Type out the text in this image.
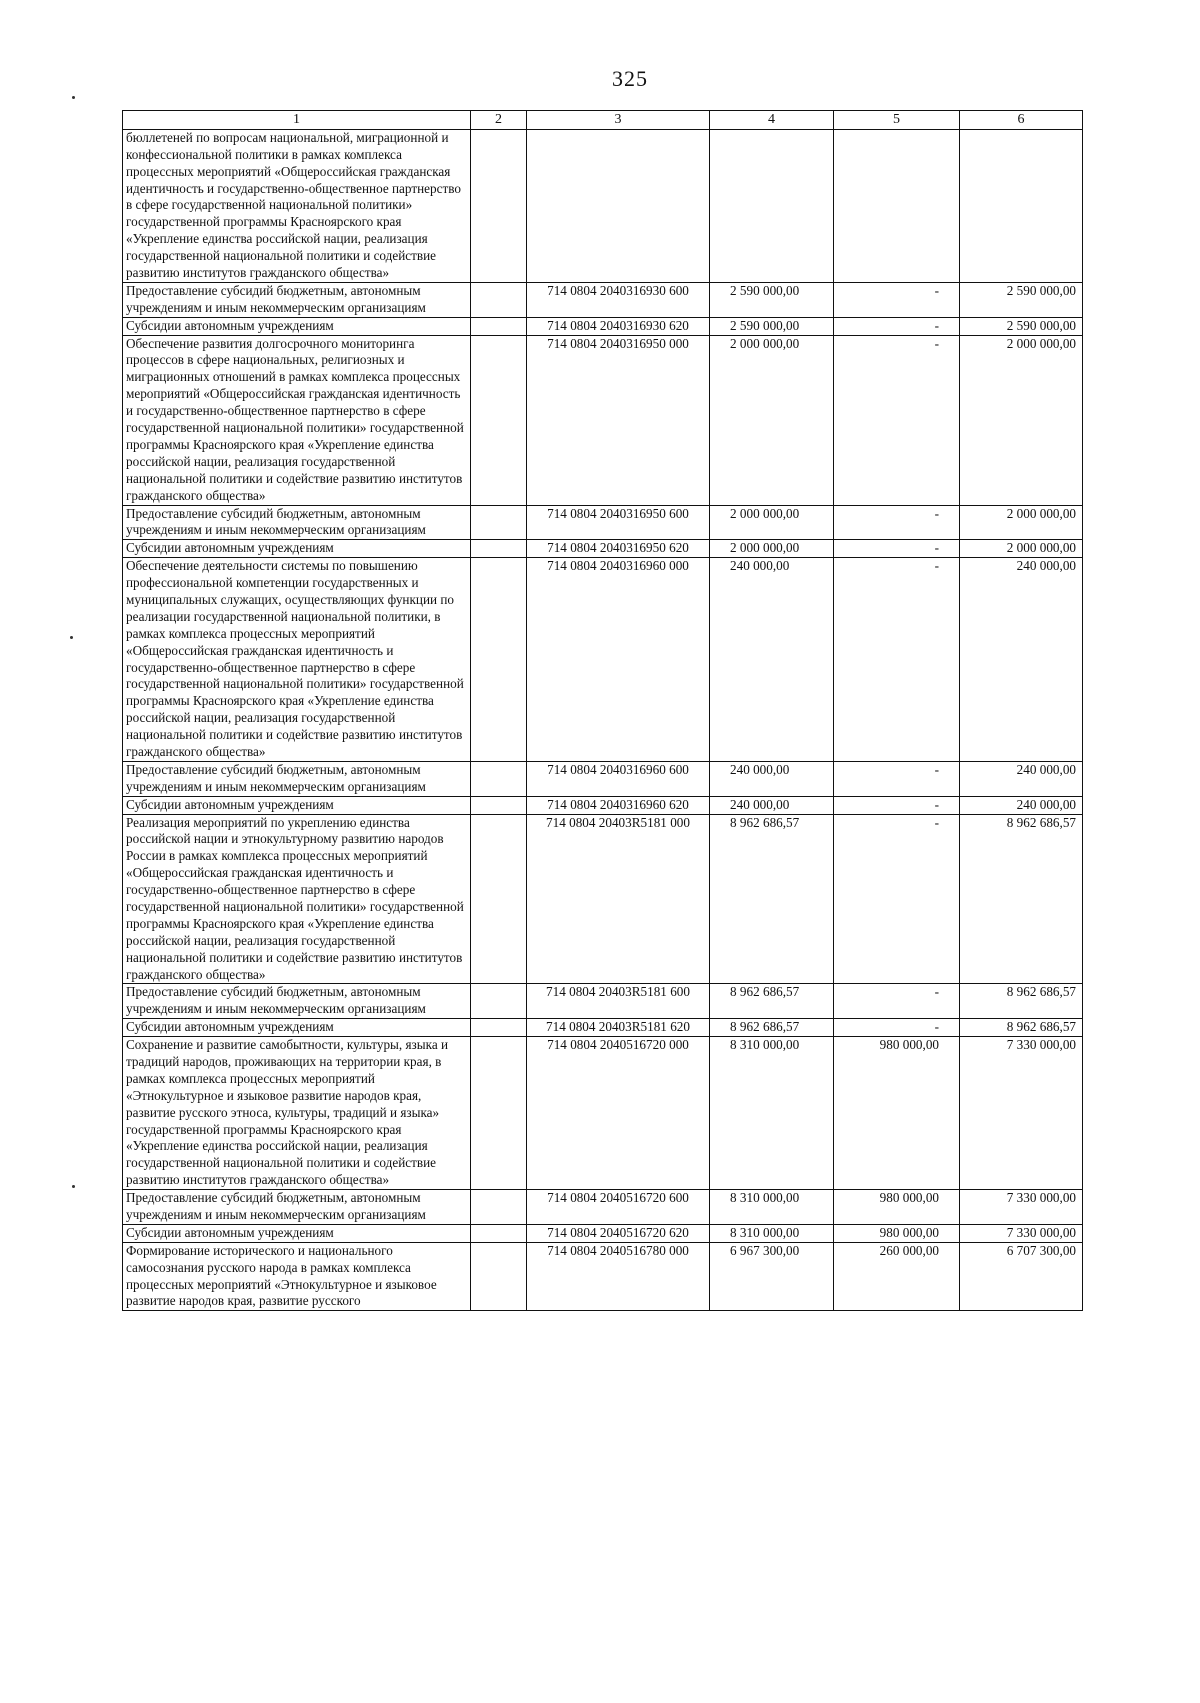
325
1	2	3	4	5	6
бюллетеней по вопросам национальной, миграционной и конфессиональной политики в рамках комплекса процессных мероприятий «Общероссийская гражданская идентичность и государственно-общественное партнерство в сфере государственной национальной политики» государственной программы Красноярского края «Укрепление единства российской нации, реализация государственной национальной политики и содействие развитию институтов гражданского общества»					
Предоставление субсидий бюджетным, автономным учреждениям и иным некоммерческим организациям		714 0804 2040316930 600	2 590 000,00	-	2 590 000,00
Субсидии автономным учреждениям		714 0804 2040316930 620	2 590 000,00	-	2 590 000,00
Обеспечение развития долгосрочного мониторинга процессов в сфере национальных, религиозных и миграционных отношений в рамках комплекса процессных мероприятий «Общероссийская гражданская идентичность и государственно-общественное партнерство в сфере государственной национальной политики» государственной программы Красноярского края «Укрепление единства российской нации, реализация государственной национальной политики и содействие развитию институтов гражданского общества»		714 0804 2040316950 000	2 000 000,00	-	2 000 000,00
Предоставление субсидий бюджетным, автономным учреждениям и иным некоммерческим организациям		714 0804 2040316950 600	2 000 000,00	-	2 000 000,00
Субсидии автономным учреждениям		714 0804 2040316950 620	2 000 000,00	-	2 000 000,00
Обеспечение деятельности системы по повышению профессиональной компетенции государственных и муниципальных служащих, осуществляющих функции по реализации государственной национальной политики, в рамках комплекса процессных мероприятий «Общероссийская гражданская идентичность и государственно-общественное партнерство в сфере государственной национальной политики» государственной программы Красноярского края «Укрепление единства российской нации, реализация государственной национальной политики и содействие развитию институтов гражданского общества»		714 0804 2040316960 000	240 000,00	-	240 000,00
Предоставление субсидий бюджетным, автономным учреждениям и иным некоммерческим организациям		714 0804 2040316960 600	240 000,00	-	240 000,00
Субсидии автономным учреждениям		714 0804 2040316960 620	240 000,00	-	240 000,00
Реализация мероприятий по укреплению единства российской нации и этнокультурному развитию народов России в рамках комплекса процессных мероприятий «Общероссийская гражданская идентичность и государственно-общественное партнерство в сфере государственной национальной политики» государственной программы Красноярского края «Укрепление единства российской нации, реализация государственной национальной политики и содействие развитию институтов гражданского общества»		714 0804 20403R5181 000	8 962 686,57	-	8 962 686,57
Предоставление субсидий бюджетным, автономным учреждениям и иным некоммерческим организациям		714 0804 20403R5181 600	8 962 686,57	-	8 962 686,57
Субсидии автономным учреждениям		714 0804 20403R5181 620	8 962 686,57	-	8 962 686,57
Сохранение и развитие самобытности, культуры, языка и традиций народов, проживающих на территории края, в рамках комплекса процессных мероприятий «Этнокультурное и языковое развитие народов края, развитие русского этноса, культуры, традиций и языка» государственной программы Красноярского края «Укрепление единства российской нации, реализация государственной национальной политики и содействие развитию институтов гражданского общества»		714 0804 2040516720 000	8 310 000,00	980 000,00	7 330 000,00
Предоставление субсидий бюджетным, автономным учреждениям и иным некоммерческим организациям		714 0804 2040516720 600	8 310 000,00	980 000,00	7 330 000,00
Субсидии автономным учреждениям		714 0804 2040516720 620	8 310 000,00	980 000,00	7 330 000,00
Формирование исторического и национального самосознания русского народа в рамках комплекса процессных мероприятий «Этнокультурное и языковое развитие народов края, развитие русского		714 0804 2040516780 000	6 967 300,00	260 000,00	6 707 300,00
